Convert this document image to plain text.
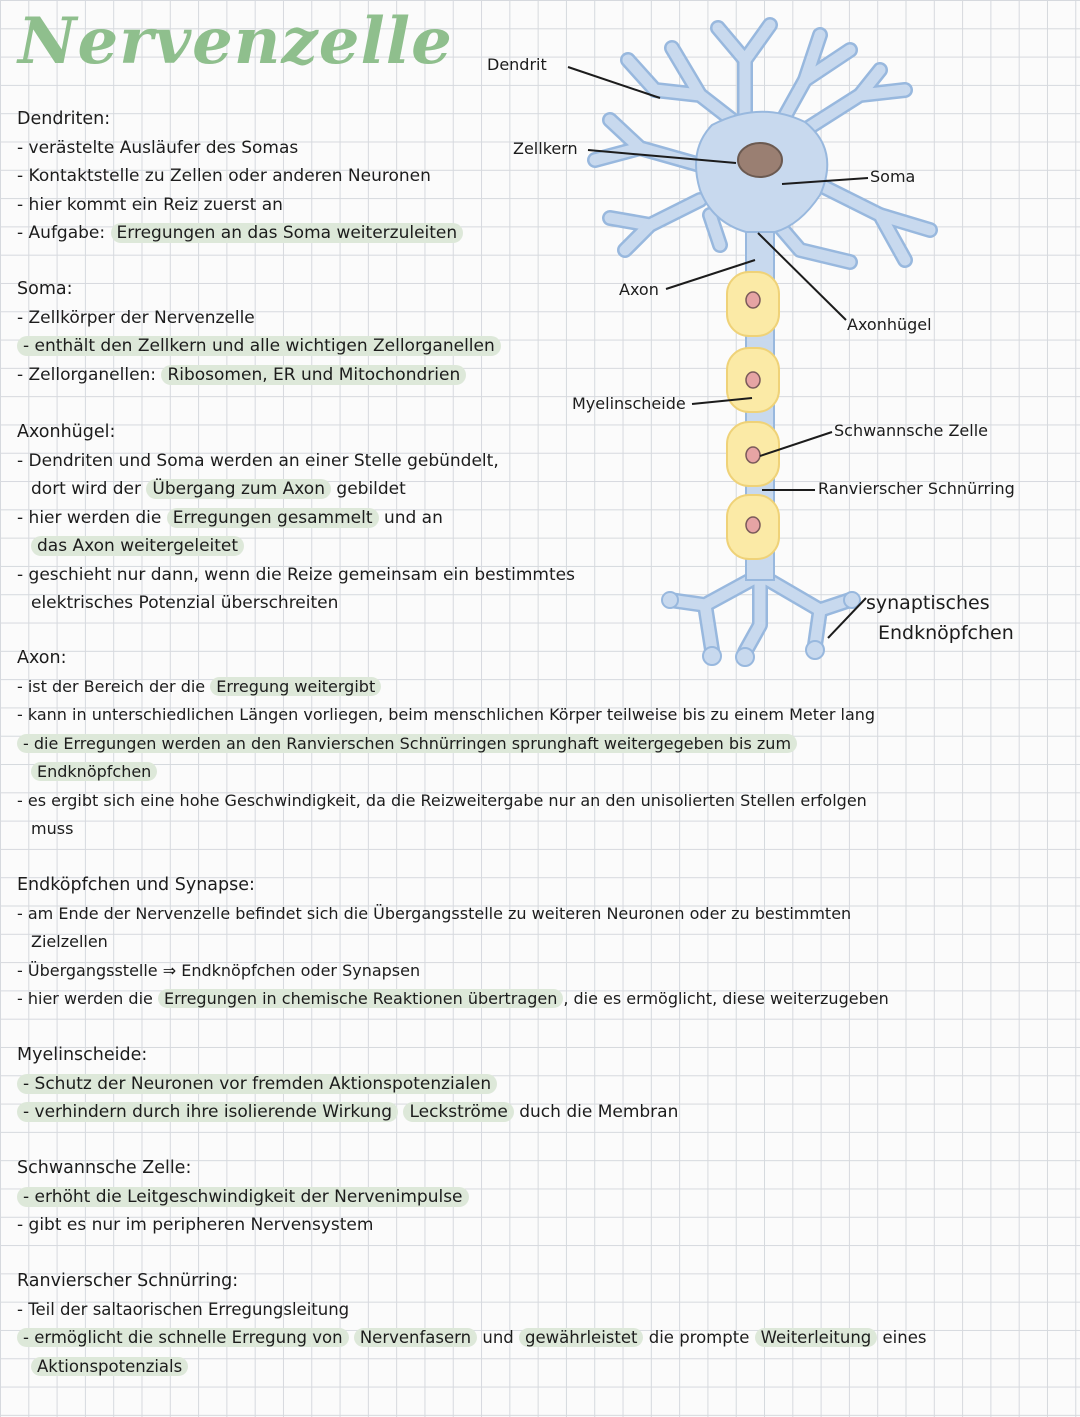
Nervenzelle Dendrit
Zellkern
Soma
Axon
Axonhügel
Myelinscheide
Schwannsche Zelle
Ranvierscher Schnürring
synaptisches
Endknöpfchen
Dendriten:
- verästelte Ausläufer des Somas
- Kontaktstelle zu Zellen oder anderen Neuronen
- hier kommt ein Reiz zuerst an
- Aufgabe: Erregungen an das Soma weiterzuleiten
Soma:
- Zellkörper der Nervenzelle
- enthält den Zellkern und alle wichtigen Zellorganellen
- Zellorganellen: Ribosomen, ER und Mitochondrien
Axonhügel:
- Dendriten und Soma werden an einer Stelle gebündelt,
dort wird der Übergang zum Axon gebildet
- hier werden die Erregungen gesammelt und an
das Axon weitergeleitet
- geschieht nur dann, wenn die Reize gemeinsam ein bestimmtes
elektrisches Potenzial überschreiten
Axon:
- ist der Bereich der die Erregung weitergibt
- kann in unterschiedlichen Längen vorliegen, beim menschlichen Körper teilweise bis zu einem Meter lang
- die Erregungen werden an den Ranvierschen Schnürringen sprunghaft weitergegeben bis zum
Endknöpfchen
- es ergibt sich eine hohe Geschwindigkeit, da die Reizweitergabe nur an den unisolierten Stellen erfolgen
muss
Endköpfchen und Synapse:
- am Ende der Nervenzelle befindet sich die Übergangsstelle zu weiteren Neuronen oder zu bestimmten
Zielzellen
- Übergangsstelle ⇒ Endknöpfchen oder Synapsen
- hier werden die Erregungen in chemische Reaktionen übertragen , die es ermöglicht, diese weiterzugeben
Myelinscheide:
- Schutz der Neuronen vor fremden Aktionspotenzialen
- verhindern durch ihre isolierende Wirkung Leckströme duch die Membran
Schwannsche Zelle:
- erhöht die Leitgeschwindigkeit der Nervenimpulse
- gibt es nur im peripheren Nervensystem
Ranvierscher Schnürring:
- Teil der saltaorischen Erregungsleitung
- ermöglicht die schnelle Erregung von Nervenfasern und gewährleistet die prompte Weiterleitung eines
Aktionspotenzials
